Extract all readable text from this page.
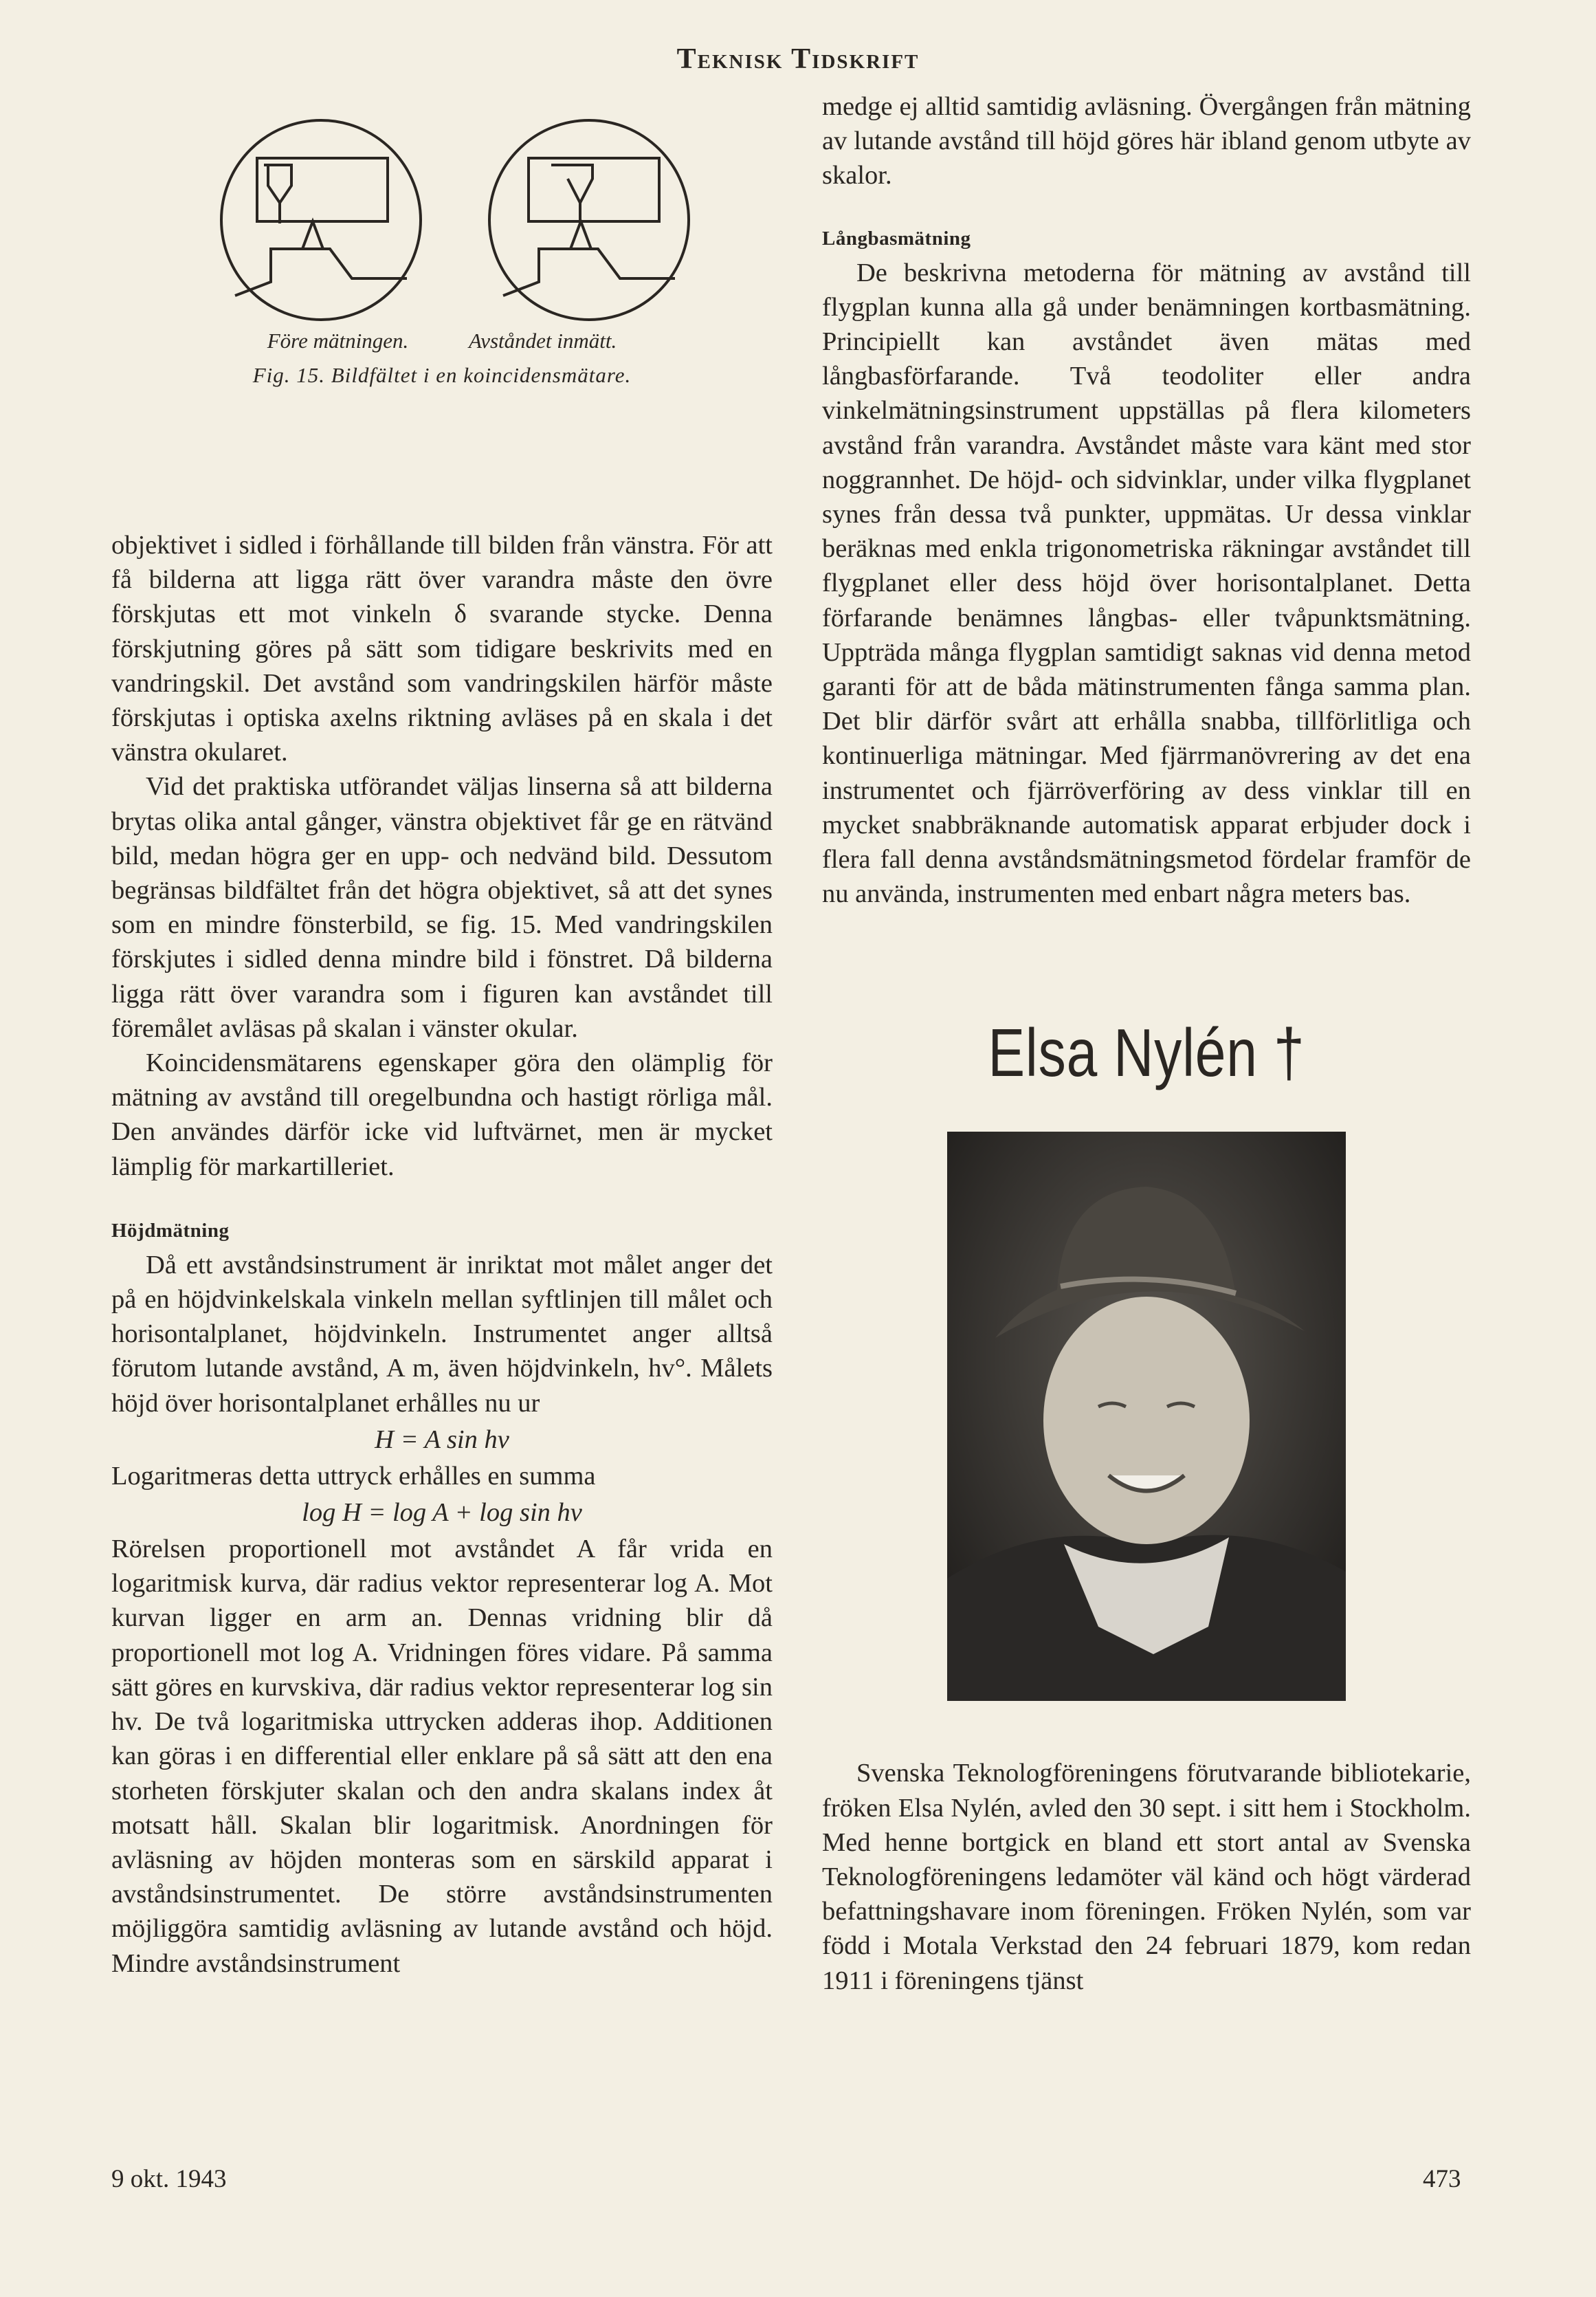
Teknisk Tidskrift
Före mätningen.	Avståndet inmätt.
Fig. 15. Bildfältet i en koincidensmätare.

objektivet i sidled i förhållande till bilden från vänstra. För att få bilderna att ligga rätt över varandra måste den övre förskjutas ett mot vinkeln δ svarande stycke. Denna förskjutning göres på sätt som tidigare beskrivits med en vandringskil. Det avstånd som vandringskilen härför måste förskjutas i optiska axelns riktning avläses på en skala i det vänstra okularet.

Vid det praktiska utförandet väljas linserna så att bilderna brytas olika antal gånger, vänstra objektivet får ge en rätvänd bild, medan högra ger en upp- och nedvänd bild. Dessutom begränsas bildfältet från det högra objektivet, så att det synes som en mindre fönsterbild, se fig. 15. Med vandringskilen förskjutes i sidled denna mindre bild i fönstret. Då bilderna ligga rätt över varandra som i figuren kan avståndet till föremålet avläsas på skalan i vänster okular.

Koincidensmätarens egenskaper göra den olämplig för mätning av avstånd till oregelbundna och hastigt rörliga mål. Den användes därför icke vid luftvärnet, men är mycket lämplig för markartilleriet.

Höjdmätning

Då ett avståndsinstrument är inriktat mot målet anger det på en höjdvinkelskala vinkeln mellan syftlinjen till målet och horisontalplanet, höjdvinkeln. Instrumentet anger alltså förutom lutande avstånd, A m, även höjdvinkeln, hv°. Målets höjd över horisontalplanet erhålles nu ur

H = A sin hv

Logaritmeras detta uttryck erhålles en summa

log H = log A + log sin hv

Rörelsen proportionell mot avståndet A får vrida en logaritmisk kurva, där radius vektor representerar log A. Mot kurvan ligger en arm an. Dennas vridning blir då proportionell mot log A. Vridningen föres vidare. På samma sätt göres en kurvskiva, där radius vektor representerar log sin hv. De två logaritmiska uttrycken adderas ihop. Additionen kan göras i en differential eller enklare på så sätt att den ena storheten förskjuter skalan och den andra skalans index åt motsatt håll. Skalan blir logaritmisk. Anordningen för avläsning av höjden monteras som en särskild apparat i avståndsinstrumentet. De större avståndsinstrumenten möjliggöra samtidig avläsning av lutande avstånd och höjd. Mindre avståndsinstrument

medge ej alltid samtidig avläsning. Övergången från mätning av lutande avstånd till höjd göres här ibland genom utbyte av skalor.

Långbasmätning

De beskrivna metoderna för mätning av avstånd till flygplan kunna alla gå under benämningen kortbasmätning. Principiellt kan avståndet även mätas med långbasförfarande. Två teodoliter eller andra vinkelmätningsinstrument uppställas på flera kilometers avstånd från varandra. Avståndet måste vara känt med stor noggrannhet. De höjd- och sidvinklar, under vilka flygplanet synes från dessa två punkter, uppmätas. Ur dessa vinklar beräknas med enkla trigonometriska räkningar avståndet till flygplanet eller dess höjd över horisontalplanet. Detta förfarande benämnes långbas- eller tvåpunktsmätning. Uppträda många flygplan samtidigt saknas vid denna metod garanti för att de båda mätinstrumenten fånga samma plan. Det blir därför svårt att erhålla snabba, tillförlitliga och kontinuerliga mätningar. Med fjärrmanövrering av det ena instrumentet och fjärröverföring av dess vinklar till en mycket snabbräknande automatisk apparat erbjuder dock i flera fall denna avståndsmätningsmetod fördelar framför de nu använda, instrumenten med enbart några meters bas.

Elsa Nylén †

Svenska Teknologföreningens förutvarande bibliotekarie, fröken Elsa Nylén, avled den 30 sept. i sitt hem i Stockholm. Med henne bortgick en bland ett stort antal av Svenska Teknologföreningens ledamöter väl känd och högt värderad befattningshavare inom föreningen. Fröken Nylén, som var född i Motala Verkstad den 24 februari 1879, kom redan 1911 i föreningens tjänst

9 okt. 1943	473
